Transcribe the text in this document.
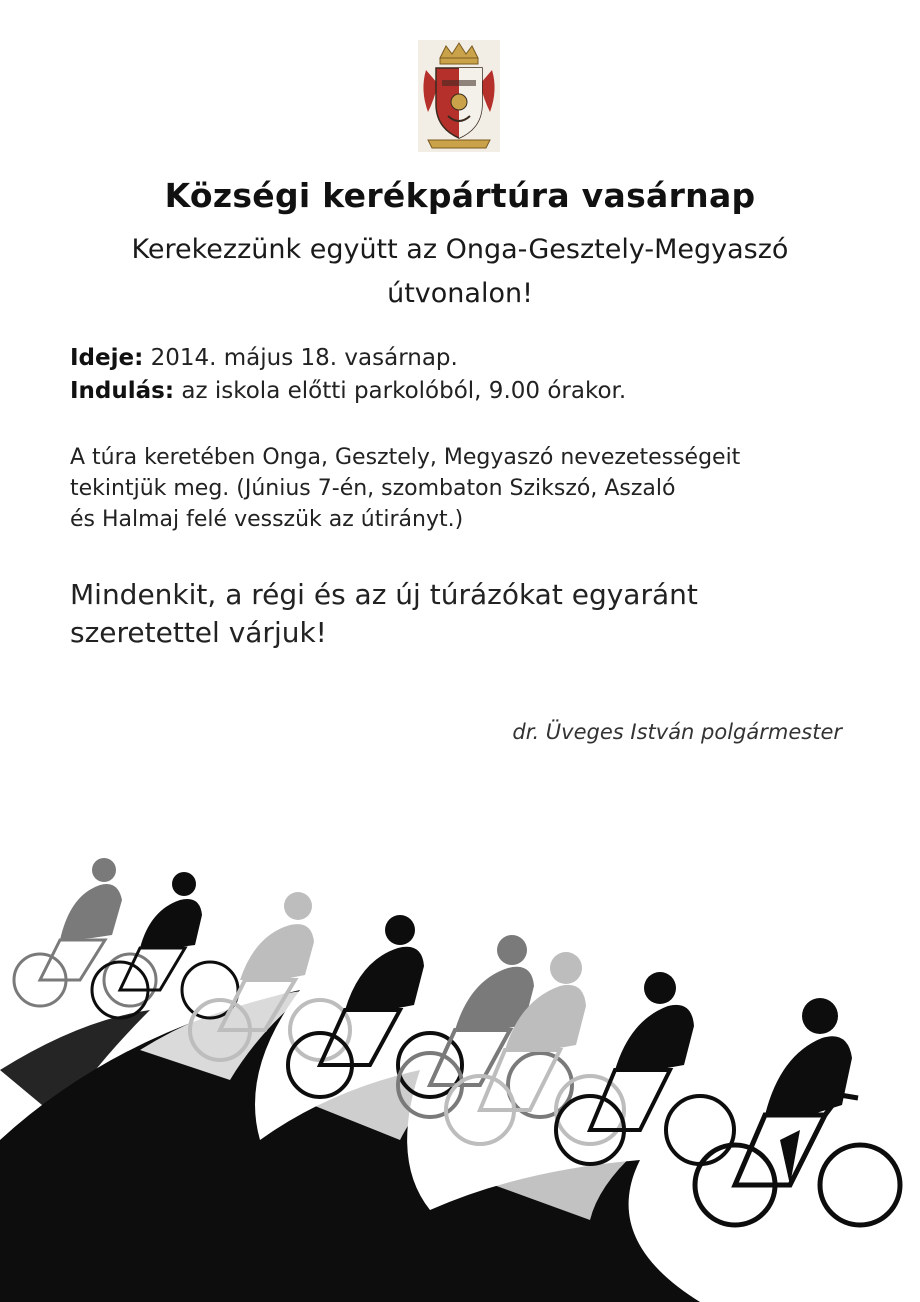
Községi kerékpártúra vasárnap
Kerekezzünk együtt az Onga-Gesztely-Megyaszó
útvonalon!
Ideje: 2014. május 18. vasárnap.
Indulás: az iskola előtti parkolóból, 9.00 órakor.
A túra keretében Onga, Gesztely, Megyaszó nevezetességeit
tekintjük meg. (Június 7-én, szombaton Szikszó, Aszaló
és Halmaj felé vesszük az útirányt.)
Mindenkit, a régi és az új túrázókat egyaránt
szeretettel várjuk!
dr. Üveges István polgármester
